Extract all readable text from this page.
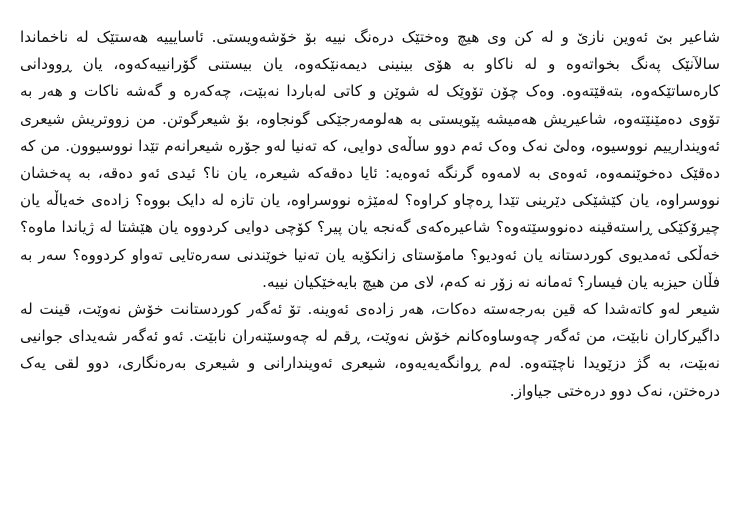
شاعیر بێ ئەوین نازێ و لە کن وی هیچ وەختێک درەنگ نییە بۆ خۆشەویستی. ئاسایییە هەستێک لە ناخماندا سالآنێک پەنگ بخواتەوە و لە ناکاو بە هۆی بینینی دیمەنێکەوە، یان بیستنی گۆرانییەکەوە، یان ڕوودانی کارەساتێکەوە، بتەقێتەوە. وەک چۆن تۆوێک لە شوێن و کاتی لەباردا نەبێت، چەکەرە و گەشە ناکات و هەر بە تۆوی دەمێنێتەوە، شاعیریش هەمیشە پێویستی بە هەلومەرجێکی گونجاوە، بۆ شیعرگوتن. من زووتریش شیعری ئەویندارییم نووسیوە، وەلێ نەک وەک ئەم دوو ساڵەی دوایی، کە تەنیا لەو جۆرە شیعرانەم تێدا نووسیوون. من کە دەقێک دەخوێنمەوە، ئەوەی بە لامەوە گرنگە ئەوەیە: ئایا دەقەکە شیعرە، یان نا؟ ئیدی ئەو دەقە، بە پەخشان نووسراوە، یان کێشێکی دێرینی تێدا ڕەچاو کراوە؟ لەمێژە نووسراوە، یان تازە لە دایک بووە؟ زادەی خەیاڵە یان چیرۆکێکی ڕاستەقینە دەنووسێتەوە؟ شاعیرەکەی گەنجە یان پیر؟ کۆچی دوایی کردووە یان هێشتا لە ژیاندا ماوە؟ خەڵکی ئەمدیوی کوردستانە یان ئەودیو؟ مامۆستای زانکۆیە یان تەنیا خوێندنی سەرەتایی تەواو کردووە؟ سەر بە فڵان حیزبە یان فیسار؟ ئەمانە نە زۆر نە کەم، لای من هیچ بایەخێکیان نییە.

شیعر لەو کاتەشدا کە قین بەرجەستە دەکات، هەر زادەی ئەوینە. تۆ ئەگەر کوردستانت خۆش نەوێت، قینت لە داگیرکاران نابێت، من ئەگەر چەوساوەکانم خۆش نەوێت، ڕقم لە چەوسێنەران نابێت. ئەو ئەگەر شەیدای جوانیی نەبێت، بە گژ دزێویدا ناچێتەوە. لەم ڕوانگەیەیەوە، شیعری ئەویندارانی و شیعری بەرەنگاری، دوو لقی یەک درەختن، نەک دوو درەختی جیاواز.
